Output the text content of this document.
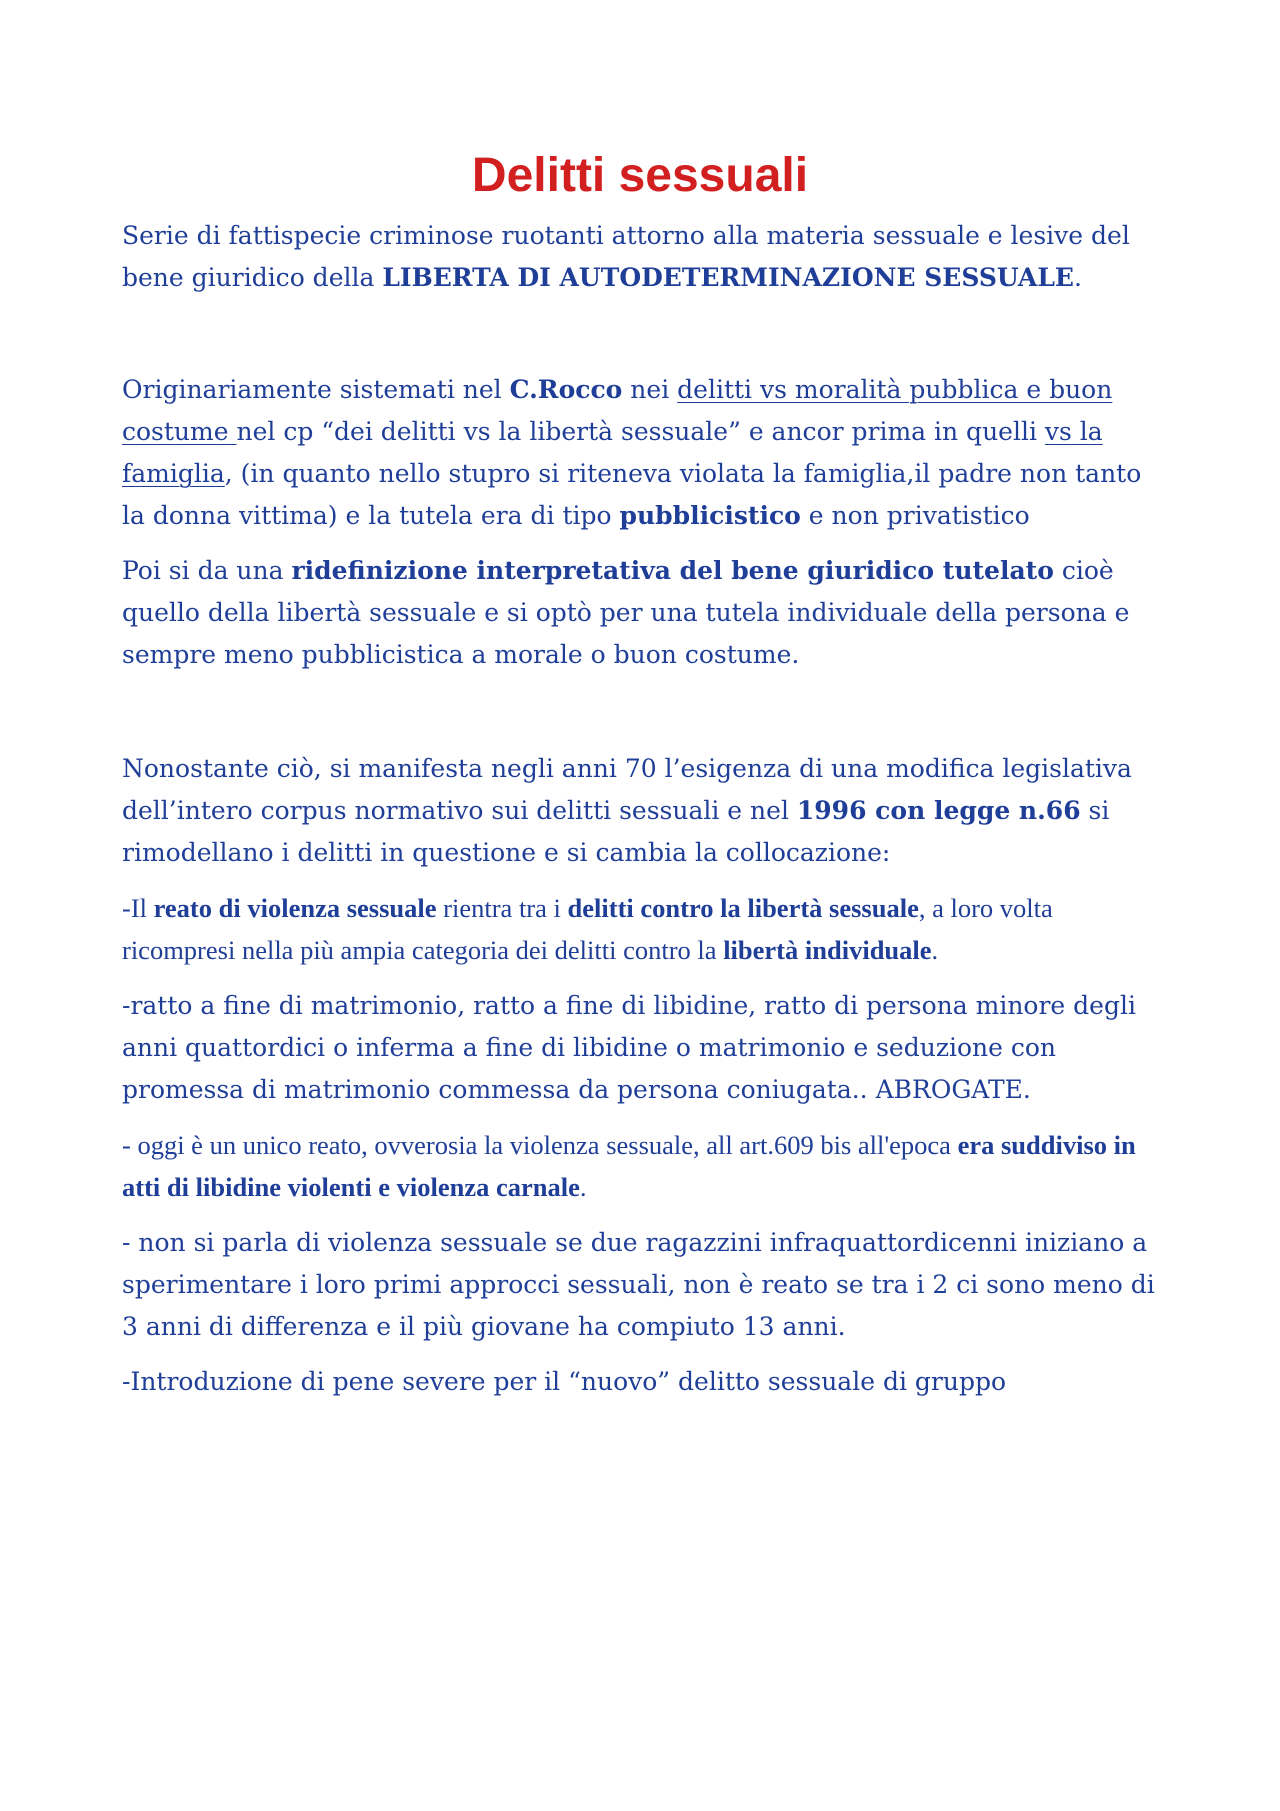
Delitti sessuali

Serie di fattispecie criminose ruotanti attorno alla materia sessuale e lesive del bene giuridico della LIBERTA DI AUTODETERMINAZIONE SESSUALE.

Originariamente sistemati nel C.Rocco nei delitti vs moralità pubblica e buon costume nel cp “dei delitti vs la libertà sessuale” e ancor prima in quelli vs la famiglia, (in quanto nello stupro si riteneva violata la famiglia,il padre non tanto la donna vittima) e la tutela era di tipo pubblicistico e non privatistico

Poi si da una ridefinizione interpretativa del bene giuridico tutelato cioè quello della libertà sessuale e si optò per una tutela individuale della persona e sempre meno pubblicistica a morale o buon costume.

Nonostante ciò, si manifesta negli anni 70 l’esigenza di una modifica legislativa dell’intero corpus normativo sui delitti sessuali e nel 1996 con legge n.66 si rimodellano i delitti in questione e si cambia la collocazione:

-Il reato di violenza sessuale rientra tra i delitti contro la libertà sessuale, a loro volta ricompresi nella più ampia categoria dei delitti contro la libertà individuale.

-ratto a fine di matrimonio, ratto a fine di libidine, ratto di persona minore degli anni quattordici o inferma a fine di libidine o matrimonio e seduzione con promessa di matrimonio commessa da persona coniugata.. ABROGATE.

- oggi è un unico reato, ovverosia la violenza sessuale, all art.609 bis all'epoca era suddiviso in atti di libidine violenti e violenza carnale.

- non si parla di violenza sessuale se due ragazzini infraquattordicenni iniziano a sperimentare i loro primi approcci sessuali, non è reato se tra i 2 ci sono meno di 3 anni di differenza e il più giovane ha compiuto 13 anni.

-Introduzione di pene severe per il “nuovo” delitto sessuale di gruppo
